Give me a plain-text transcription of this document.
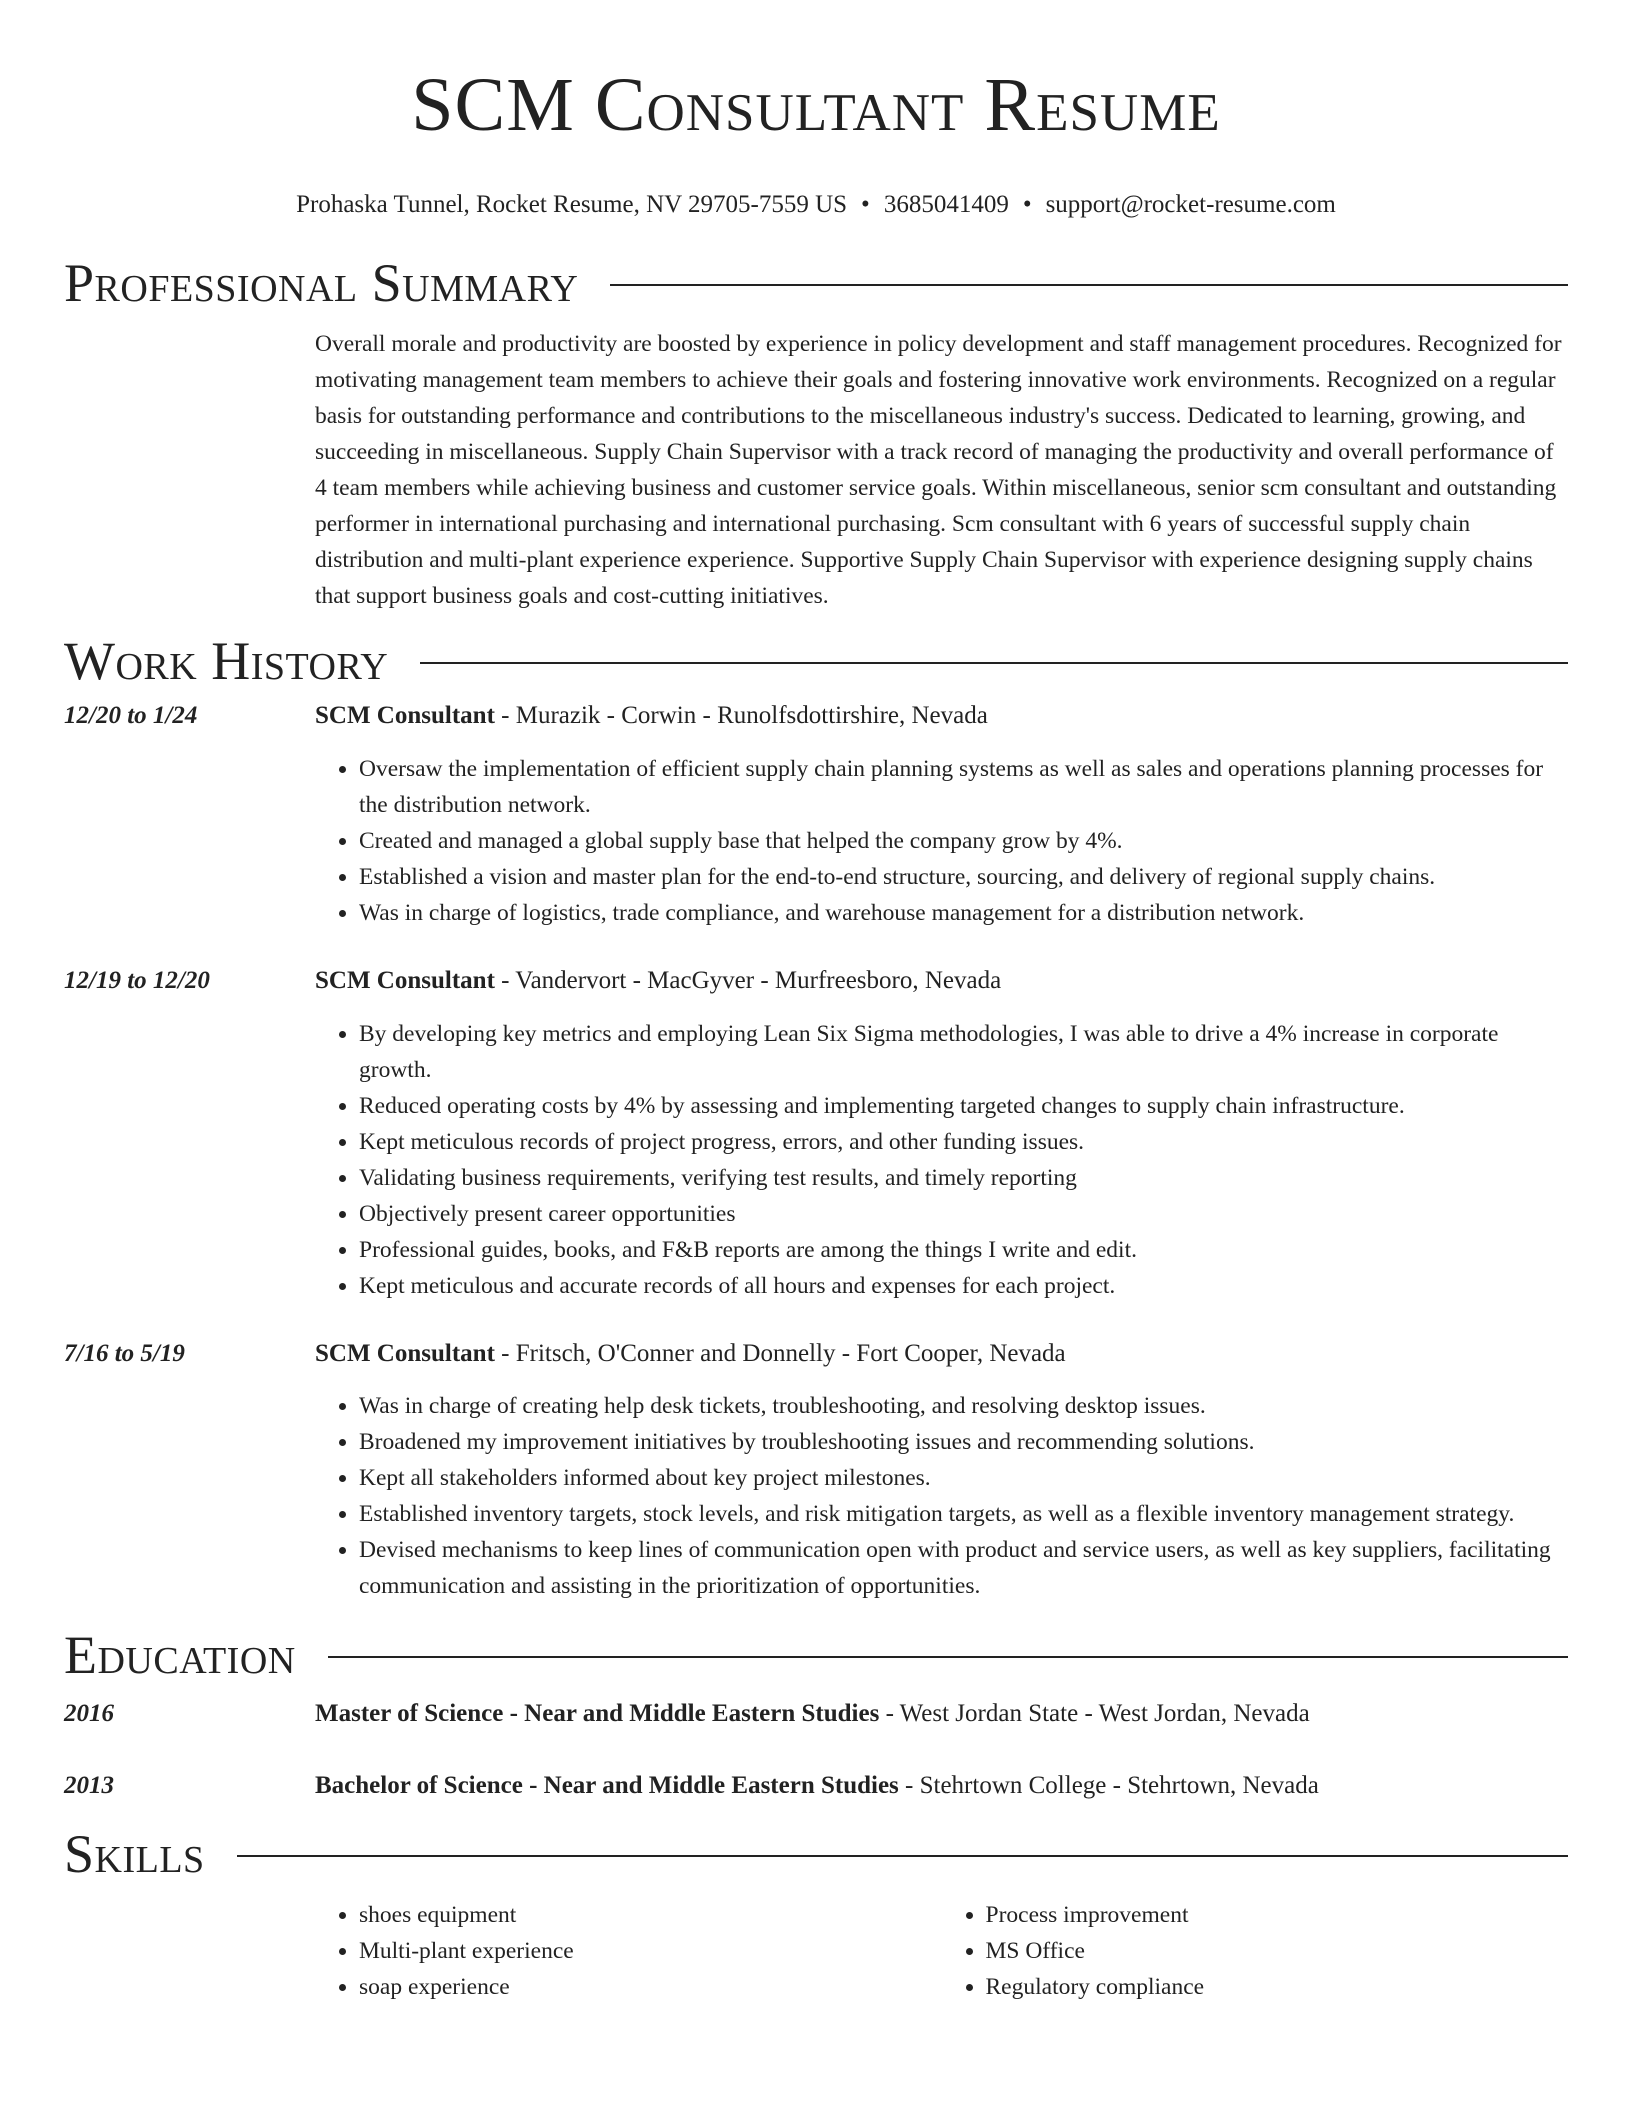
SCM Consultant Resume
Prohaska Tunnel, Rocket Resume, NV 29705-7559 US • 3685041409 • support@rocket-resume.com
Professional Summary

Overall morale and productivity are boosted by experience in policy development and staff management procedures. Recognized for motivating management team members to achieve their goals and fostering innovative work environments. Recognized on a regular basis for outstanding performance and contributions to the miscellaneous industry's success. Dedicated to learning, growing, and succeeding in miscellaneous. Supply Chain Supervisor with a track record of managing the productivity and overall performance of 4 team members while achieving business and customer service goals. Within miscellaneous, senior scm consultant and outstanding performer in international purchasing and international purchasing. Scm consultant with 6 years of successful supply chain distribution and multi-plant experience experience. Supportive Supply Chain Supervisor with experience designing supply chains that support business goals and cost-cutting initiatives.

Work History
12/20 to 1/24	SCM Consultant - Murazik - Corwin - Runolfsdottirshire, Nevada
• Oversaw the implementation of efficient supply chain planning systems as well as sales and operations planning processes for the distribution network.
• Created and managed a global supply base that helped the company grow by 4%.
• Established a vision and master plan for the end-to-end structure, sourcing, and delivery of regional supply chains.
• Was in charge of logistics, trade compliance, and warehouse management for a distribution network.
12/19 to 12/20	SCM Consultant - Vandervort - MacGyver - Murfreesboro, Nevada
• By developing key metrics and employing Lean Six Sigma methodologies, I was able to drive a 4% increase in corporate growth.
• Reduced operating costs by 4% by assessing and implementing targeted changes to supply chain infrastructure.
• Kept meticulous records of project progress, errors, and other funding issues.
• Validating business requirements, verifying test results, and timely reporting
• Objectively present career opportunities
• Professional guides, books, and F&B reports are among the things I write and edit.
• Kept meticulous and accurate records of all hours and expenses for each project.
7/16 to 5/19	SCM Consultant - Fritsch, O'Conner and Donnelly - Fort Cooper, Nevada
• Was in charge of creating help desk tickets, troubleshooting, and resolving desktop issues.
• Broadened my improvement initiatives by troubleshooting issues and recommending solutions.
• Kept all stakeholders informed about key project milestones.
• Established inventory targets, stock levels, and risk mitigation targets, as well as a flexible inventory management strategy.
• Devised mechanisms to keep lines of communication open with product and service users, as well as key suppliers, facilitating communication and assisting in the prioritization of opportunities.
Education
2016	Master of Science - Near and Middle Eastern Studies - West Jordan State - West Jordan, Nevada
2013	Bachelor of Science - Near and Middle Eastern Studies - Stehrtown College - Stehrtown, Nevada
Skills
• shoes equipment
• Multi-plant experience
• soap experience
• Process improvement
• MS Office
• Regulatory compliance
